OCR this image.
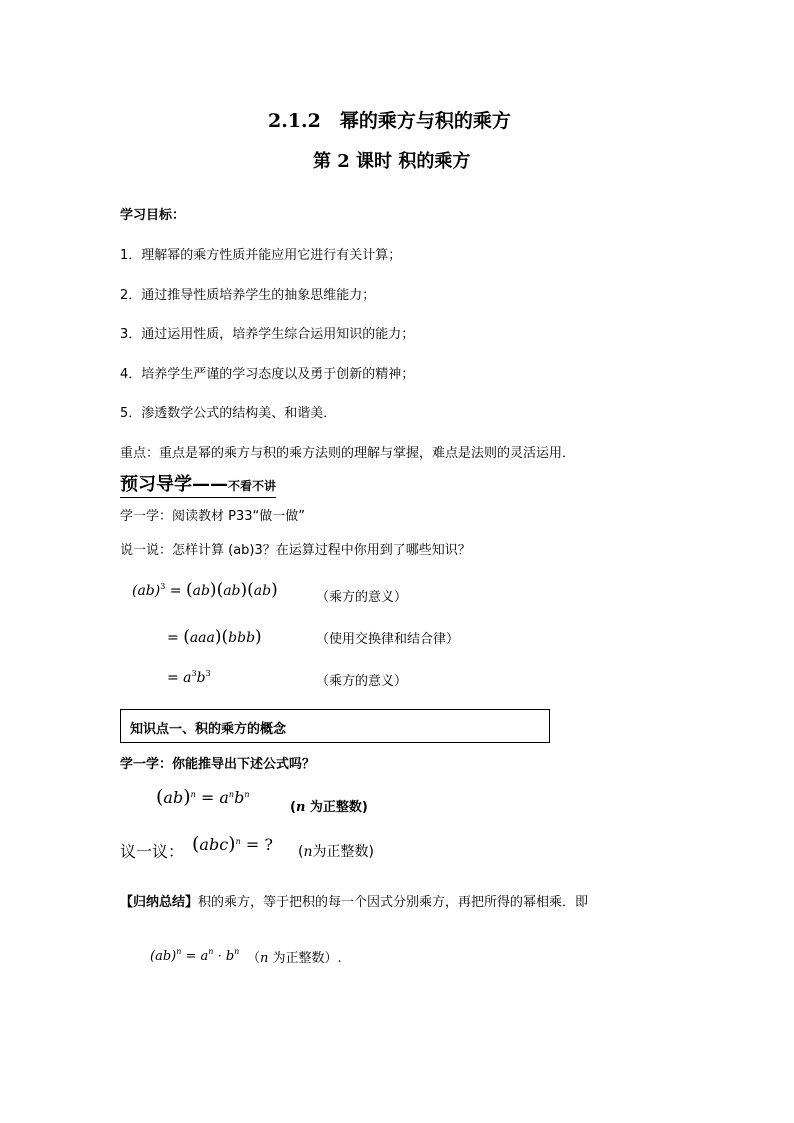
2.1.2　幂的乘方与积的乘方
第 2 课时 积的乘方
学习目标：
1．理解幂的乘方性质并能应用它进行有关计算；
2．通过推导性质培养学生的抽象思维能力；
3．通过运用性质，培养学生综合运用知识的能力；
4．培养学生严谨的学习态度以及勇于创新的精神；
5．渗透数学公式的结构美、和谐美．
重点：重点是幂的乘方与积的乘方法则的理解与掌握，难点是法则的灵活运用．
预习导学——不看不讲
学一学：阅读教材 P33“做一做”
说一说：怎样计算 (ab)3？在运算过程中你用到了哪些知识？
(ab)$^3$ = (ab)(ab)(ab)	（乘方的意义）
= (aaa)(bbb)	（使用交换律和结合律）
= $a^3b^3$
（乘方的意义）
知识点一、积的乘方的概念
学一学：你能推导出下述公式吗？
$(ab)^n = a^nb^n$
(n 为正整数)
议一议： (abc)$^n$ = ? (n为正整数)
【归纳总结】积的乘方，等于把积的每一个因式分别乘方，再把所得的幂相乘．即
$(ab)^n = a^n \cdot b^n$ （n 为正整数）.
